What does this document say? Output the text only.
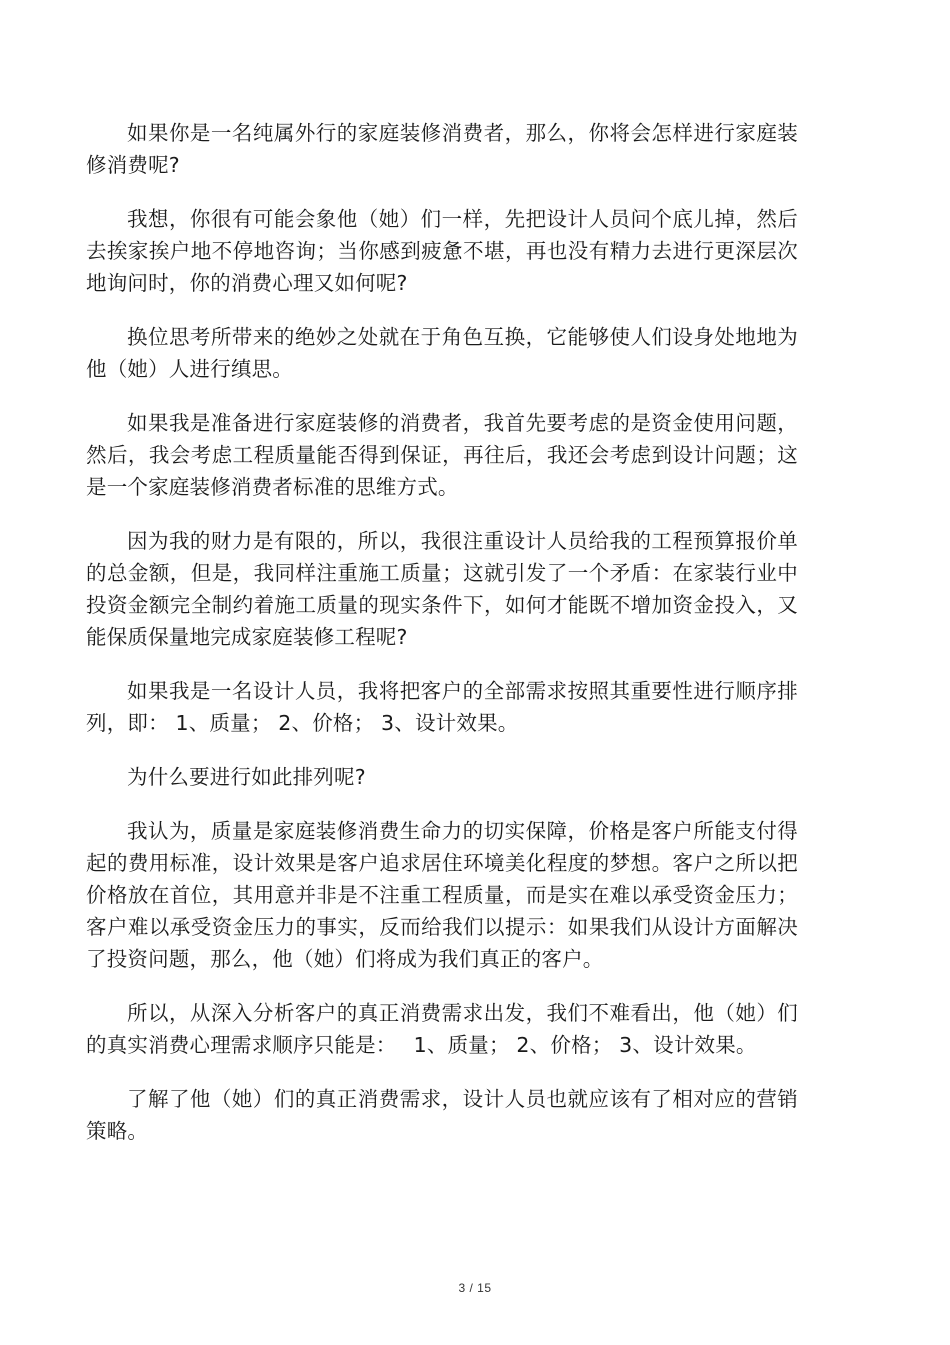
如果你是一名纯属外行的家庭装修消费者，那么，你将会怎样进行家庭装修消费呢?

我想，你很有可能会象他（她）们一样，先把设计人员问个底儿掉，然后去挨家挨户地不停地咨询；当你感到疲惫不堪，再也没有精力去进行更深层次地询问时，你的消费心理又如何呢?

换位思考所带来的绝妙之处就在于角色互换，它能够使人们设身处地地为他（她）人进行缜思。

如果我是准备进行家庭装修的消费者，我首先要考虑的是资金使用问题，然后，我会考虑工程质量能否得到保证，再往后，我还会考虑到设计问题；这是一个家庭装修消费者标准的思维方式。

因为我的财力是有限的，所以，我很注重设计人员给我的工程预算报价单的总金额，但是，我同样注重施工质量；这就引发了一个矛盾：在家装行业中投资金额完全制约着施工质量的现实条件下，如何才能既不增加资金投入，又能保质保量地完成家庭装修工程呢?

如果我是一名设计人员，我将把客户的全部需求按照其重要性进行顺序排列，即： 1、质量； 2、价格； 3、设计效果。

为什么要进行如此排列呢?

我认为，质量是家庭装修消费生命力的切实保障，价格是客户所能支付得起的费用标准，设计效果是客户追求居住环境美化程度的梦想。客户之所以把价格放在首位，其用意并非是不注重工程质量，而是实在难以承受资金压力；客户难以承受资金压力的事实，反而给我们以提示：如果我们从设计方面解决了投资问题，那么，他（她）们将成为我们真正的客户。

所以，从深入分析客户的真正消费需求出发，我们不难看出，他（她）们的真实消费心理需求顺序只能是：　 1、质量； 2、价格； 3、设计效果。

了解了他（她）们的真正消费需求，设计人员也就应该有了相对应的营销策略。

3 / 15
